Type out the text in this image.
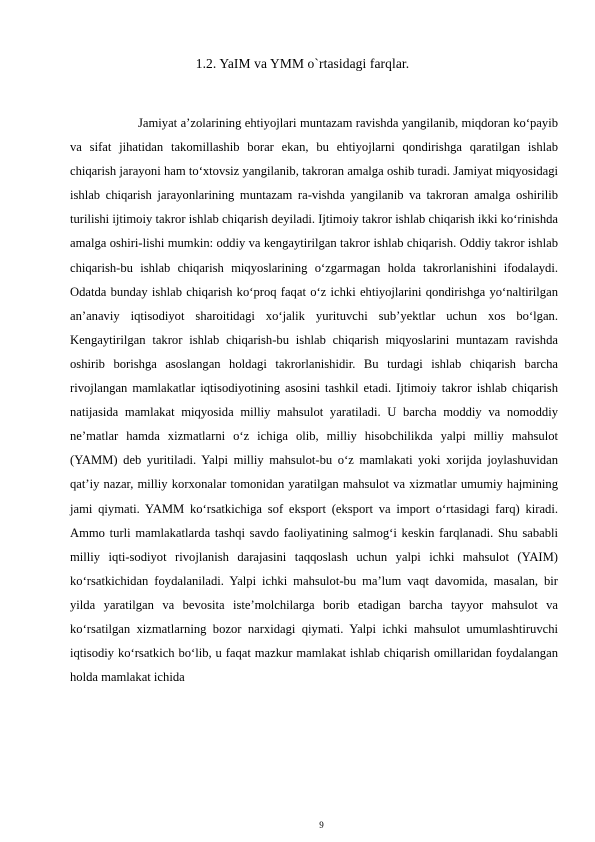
1.2. YaIM va YMM o`rtasidagi farqlar.

Jamiyat a’zolarining ehtiyojlari muntazam ravishda yangilanib, miqdoran ko‘payib va sifat jihatidan takomillashib borar ekan, bu ehtiyojlarni qondirishga qaratilgan ishlab chiqarish jarayoni ham to‘xtovsiz yangilanib, takroran amalga oshib turadi. Jamiyat miqyosidagi ishlab chiqarish jarayonlarining muntazam ra-vishda yangilanib va takroran amalga oshirilib turilishi ijtimoiy takror ishlab chiqarish deyiladi. Ijtimoiy takror ishlab chiqarish ikki ko‘rinishda amalga oshiri-lishi mumkin: oddiy va kengaytirilgan takror ishlab chiqarish. Oddiy takror ishlab chiqarish-bu ishlab chiqarish miqyoslarining o‘zgarmagan holda takrorlanishini ifodalaydi. Odatda bunday ishlab chiqarish ko‘proq faqat o‘z ichki ehtiyojlarini qondirishga yo‘naltirilgan an’anaviy iqtisodiyot sharoitidagi xo‘jalik yurituvchi sub’yektlar uchun xos bo‘lgan. Kengaytirilgan takror ishlab chiqarish-bu ishlab chiqarish miqyoslarini muntazam ravishda oshirib borishga asoslangan holdagi takrorlanishidir. Bu turdagi ishlab chiqarish barcha rivojlangan mamlakatlar iqtisodiyotining asosini tashkil etadi. Ijtimoiy takror ishlab chiqarish natijasida mamlakat miqyosida milliy mahsulot yaratiladi. U barcha moddiy va nomoddiy ne’matlar hamda xizmatlarni o‘z ichiga olib, milliy hisobchilikda yalpi milliy mahsulot (YAMM) deb yuritiladi. Yalpi milliy mahsulot-bu o‘z mamlakati yoki xorijda joylashuvidan qat’iy nazar, milliy korxonalar tomonidan yaratilgan mahsulot va xizmatlar umumiy hajmining jami qiymati. YAMM ko‘rsatkichiga sof eksport (eksport va import o‘rtasidagi farq) kiradi. Ammo turli mamlakatlarda tashqi savdo faoliyatining salmog‘i keskin farqlanadi. Shu sababli milliy iqti-sodiyot rivojlanish darajasini taqqoslash uchun yalpi ichki mahsulot (YAIM) ko‘rsatkichidan foydalaniladi. Yalpi ichki mahsulot-bu ma’lum vaqt davomida, masalan, bir yilda yaratilgan va bevosita iste’molchilarga borib etadigan barcha tayyor mahsulot va ko‘rsatilgan xizmatlarning bozor narxidagi qiymati. Yalpi ichki mahsulot umumlashtiruvchi iqtisodiy ko‘rsatkich bo‘lib, u faqat mazkur mamlakat ishlab chiqarish omillaridan foydalangan holda mamlakat ichida

9
